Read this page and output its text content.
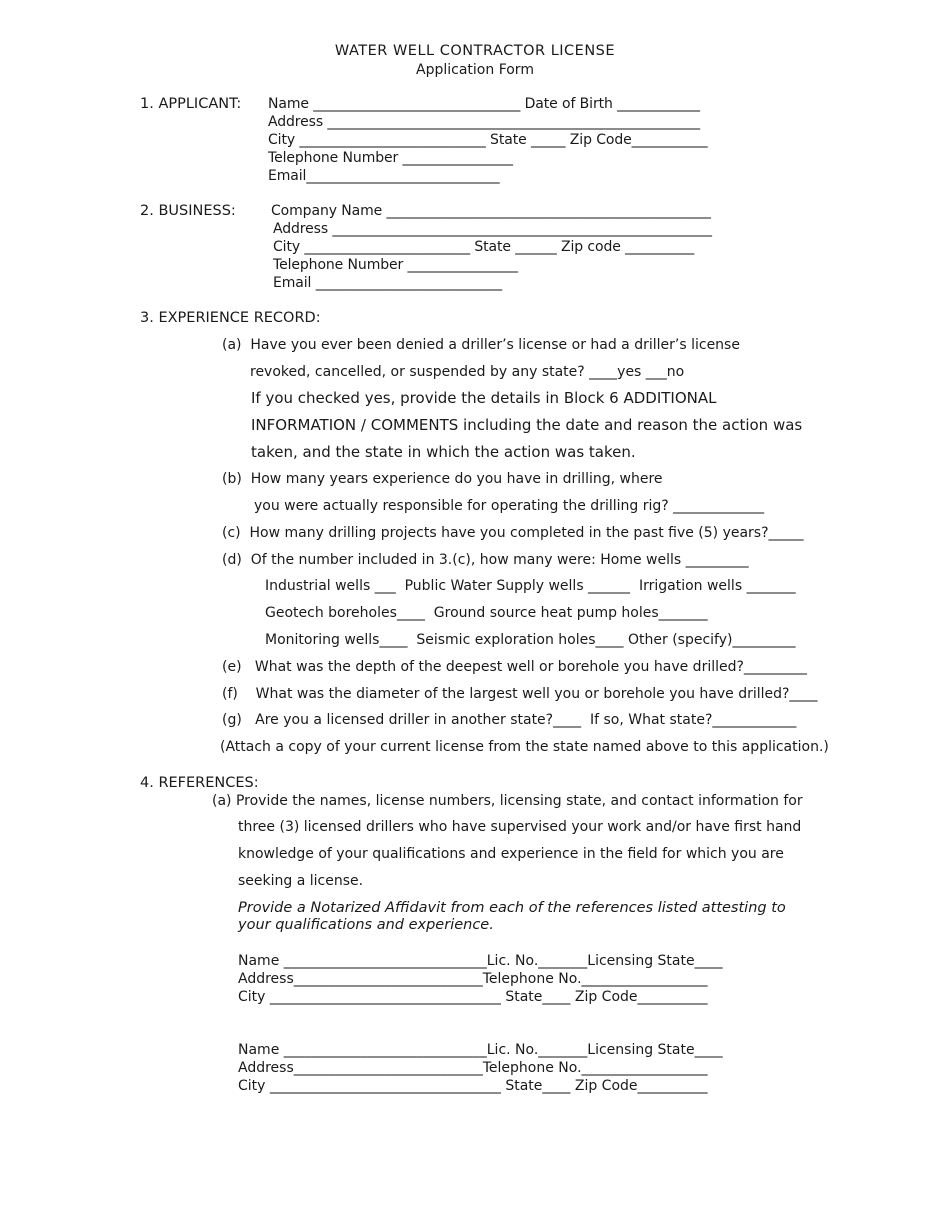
WATER WELL CONTRACTOR LICENSE
Application Form
1. APPLICANT: Name ______________________________ Date of Birth ____________
Address ______________________________________________________
City ___________________________ State _____ Zip Code___________
Telephone Number ________________
Email____________________________
2. BUSINESS:	Company Name _______________________________________________
Address _______________________________________________________
City ________________________ State ______ Zip code __________
Telephone Number ________________
Email ___________________________
3. EXPERIENCE RECORD:
(a)  Have you ever been denied a driller’s license or had a driller’s license
revoked, cancelled, or suspended by any state? ____yes ___no
If you checked yes, provide the details in Block 6 ADDITIONAL
INFORMATION / COMMENTS including the date and reason the action was
taken, and the state in which the action was taken.
(b)  How many years experience do you have in drilling, where
you were actually responsible for operating the drilling rig? _____________
(c)  How many drilling projects have you completed in the past five (5) years?_____
(d)  Of the number included in 3.(c), how many were: Home wells _________
Industrial wells ___  Public Water Supply wells ______  Irrigation wells _______
Geotech boreholes____  Ground source heat pump holes_______
Monitoring wells____  Seismic exploration holes____ Other (specify)_________
(e)   What was the depth of the deepest well or borehole you have drilled?_________
(f)    What was the diameter of the largest well you or borehole you have drilled?____
(g)   Are you a licensed driller in another state?____  If so, What state?____________
(Attach a copy of your current license from the state named above to this application.)
4. REFERENCES:
(a) Provide the names, license numbers, licensing state, and contact information for
three (3) licensed drillers who have supervised your work and/or have first hand
knowledge of your qualifications and experience in the field for which you are
seeking a license.
Provide a Notarized Affidavit from each of the references listed attesting to
your qualifications and experience.
Name _____________________________Lic. No._______Licensing State____
Address___________________________Telephone No.__________________
City _________________________________ State____ Zip Code__________
Name _____________________________Lic. No._______Licensing State____
Address___________________________Telephone No.__________________
City _________________________________ State____ Zip Code__________
